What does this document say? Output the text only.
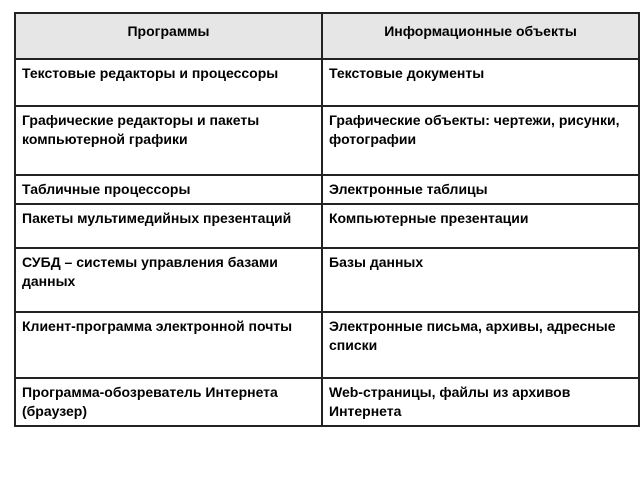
Программы	Информационные объекты
Текстовые редакторы и процессоры	Текстовые документы
Графические редакторы и пакеты компьютерной графики	Графические объекты: чертежи, рисунки, фотографии
Табличные процессоры	Электронные таблицы
Пакеты мультимедийных презентаций	Компьютерные презентации
СУБД – системы управления базами данных	Базы данных
Клиент-программа электронной почты	Электронные письма, архивы, адресные списки
Программа-обозреватель Интернета (браузер)	Web-страницы, файлы из архивов Интернета
